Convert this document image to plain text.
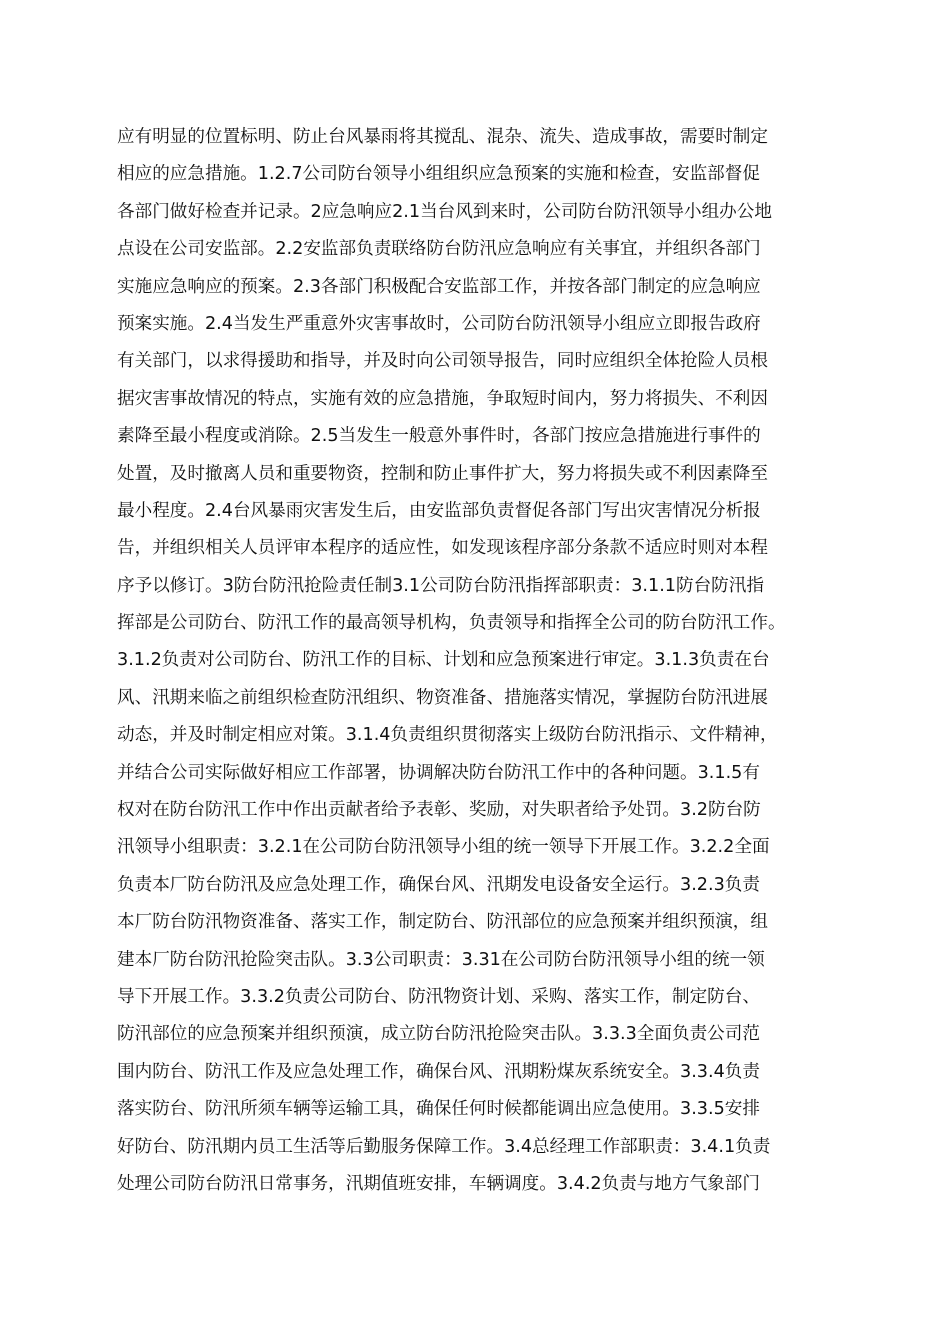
应有明显的位置标明、防止台风暴雨将其搅乱、混杂、流失、造成事故，需要时制定
相应的应急措施。1.2.7公司防台领导小组组织应急预案的实施和检查，安监部督促
各部门做好检查并记录。2应急响应2.1当台风到来时，公司防台防汛领导小组办公地
点设在公司安监部。2.2安监部负责联络防台防汛应急响应有关事宜，并组织各部门
实施应急响应的预案。2.3各部门积极配合安监部工作，并按各部门制定的应急响应
预案实施。2.4当发生严重意外灾害事故时，公司防台防汛领导小组应立即报告政府
有关部门，以求得援助和指导，并及时向公司领导报告，同时应组织全体抢险人员根
据灾害事故情况的特点，实施有效的应急措施，争取短时间内，努力将损失、不利因
素降至最小程度或消除。2.5当发生一般意外事件时，各部门按应急措施进行事件的
处置，及时撤离人员和重要物资，控制和防止事件扩大，努力将损失或不利因素降至
最小程度。2.4台风暴雨灾害发生后，由安监部负责督促各部门写出灾害情况分析报
告，并组织相关人员评审本程序的适应性，如发现该程序部分条款不适应时则对本程
序予以修订。3防台防汛抢险责任制3.1公司防台防汛指挥部职责：3.1.1防台防汛指
挥部是公司防台、防汛工作的最高领导机构，负责领导和指挥全公司的防台防汛工作。
3.1.2负责对公司防台、防汛工作的目标、计划和应急预案进行审定。3.1.3负责在台
风、汛期来临之前组织检查防汛组织、物资准备、措施落实情况，掌握防台防汛进展
动态，并及时制定相应对策。3.1.4负责组织贯彻落实上级防台防汛指示、文件精神，
并结合公司实际做好相应工作部署，协调解决防台防汛工作中的各种问题。3.1.5有
权对在防台防汛工作中作出贡献者给予表彰、奖励，对失职者给予处罚。3.2防台防
汛领导小组职责：3.2.1在公司防台防汛领导小组的统一领导下开展工作。3.2.2全面
负责本厂防台防汛及应急处理工作，确保台风、汛期发电设备安全运行。3.2.3负责
本厂防台防汛物资准备、落实工作，制定防台、防汛部位的应急预案并组织预演，组
建本厂防台防汛抢险突击队。3.3公司职责：3.31在公司防台防汛领导小组的统一领
导下开展工作。3.3.2负责公司防台、防汛物资计划、采购、落实工作，制定防台、
防汛部位的应急预案并组织预演，成立防台防汛抢险突击队。3.3.3全面负责公司范
围内防台、防汛工作及应急处理工作，确保台风、汛期粉煤灰系统安全。3.3.4负责
落实防台、防汛所须车辆等运输工具，确保任何时候都能调出应急使用。3.3.5安排
好防台、防汛期内员工生活等后勤服务保障工作。3.4总经理工作部职责：3.4.1负责
处理公司防台防汛日常事务，汛期值班安排，车辆调度。3.4.2负责与地方气象部门
